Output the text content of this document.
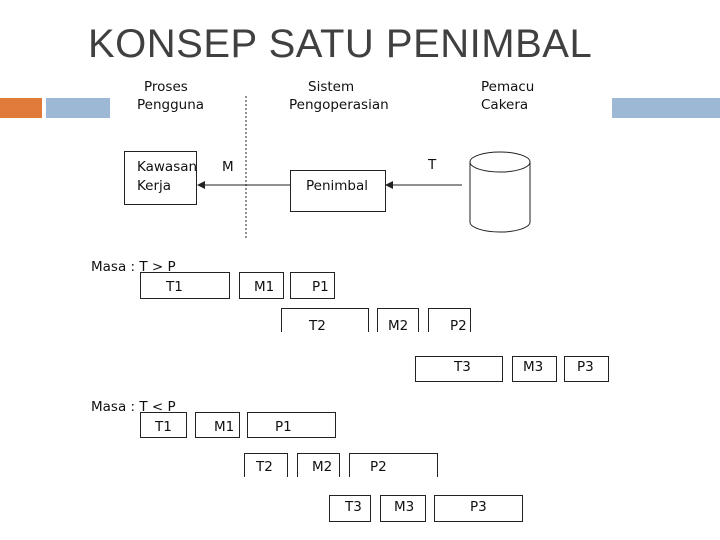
KONSEP SATU PENIMBAL
Proses
Pengguna
Sistem
Pengoperasian
Pemacu
Cakera
Kawasan
Kerja
M
Penimbal
T
Masa : T > P
T1	M1	P1
T2	M2	P2
T3	M3	P3
Masa : T < P
T1	M1	P1
T2	M2	P2
T3 M3	P3
